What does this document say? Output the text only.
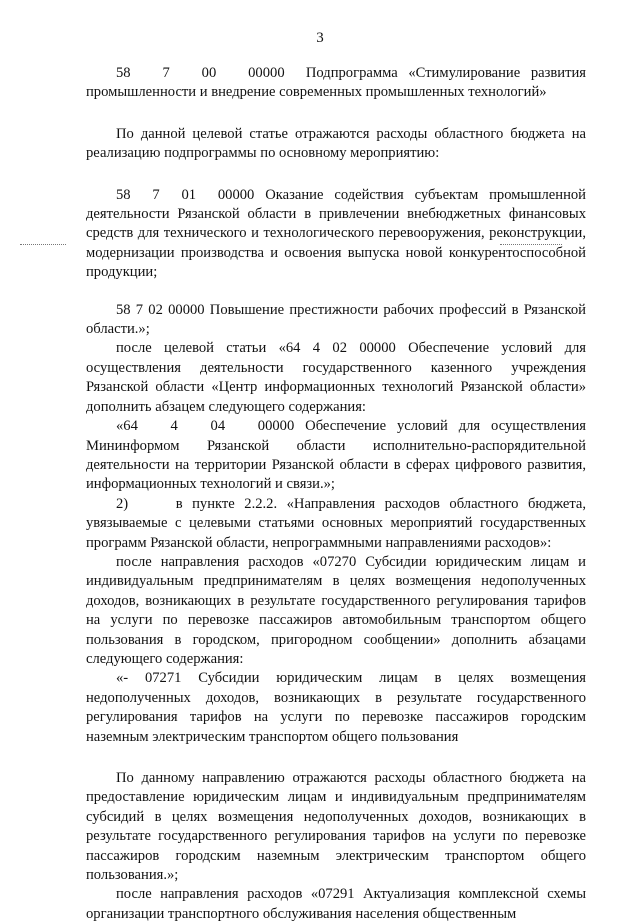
3

58   7   00   00000  Подпрограмма «Стимулирование развития промышленности и внедрение современных промышленных технологий»

По данной целевой статье отражаются расходы областного бюджета на реализацию подпрограммы по основному мероприятию:

58  7  01  00000 Оказание содействия субъектам промышленной деятельности Рязанской области в привлечении внебюджетных финансовых средств для технического и технологического перевооружения, реконструкции, модернизации производства и освоения выпуска новой конкурентоспособной продукции;

58 7 02 00000 Повышение престижности рабочих профессий в Рязанской области.»;

после целевой статьи «64 4 02 00000 Обеспечение условий для осуществления деятельности государственного казенного учреждения Рязанской области «Центр информационных технологий Рязанской области» дополнить абзацем следующего содержания:

«64   4   04   00000 Обеспечение условий для осуществления Мининформом Рязанской области исполнительно-распорядительной деятельности на территории Рязанской области в сферах цифрового развития, информационных технологий и связи.»;

2)     в пункте 2.2.2. «Направления расходов областного бюджета, увязываемые с целевыми статьями основных мероприятий государственных программ Рязанской области, непрограммными направлениями расходов»:

после направления расходов «07270 Субсидии юридическим лицам и индивидуальным предпринимателям в целях возмещения недополученных доходов, возникающих в результате государственного регулирования тарифов на услуги по перевозке пассажиров автомобильным транспортом общего пользования в городском, пригородном сообщении» дополнить абзацами следующего содержания:

«- 07271 Субсидии юридическим лицам в целях возмещения недополученных доходов, возникающих в результате государственного регулирования тарифов на услуги по перевозке пассажиров городским наземным электрическим транспортом общего пользования

По данному направлению отражаются расходы областного бюджета на предоставление юридическим лицам и индивидуальным предпринимателям субсидий в целях возмещения недополученных доходов, возникающих в результате государственного регулирования тарифов на услуги по перевозке пассажиров городским наземным электрическим транспортом общего пользования.»;

после направления расходов «07291 Актуализация комплексной схемы организации транспортного обслуживания населения общественным
